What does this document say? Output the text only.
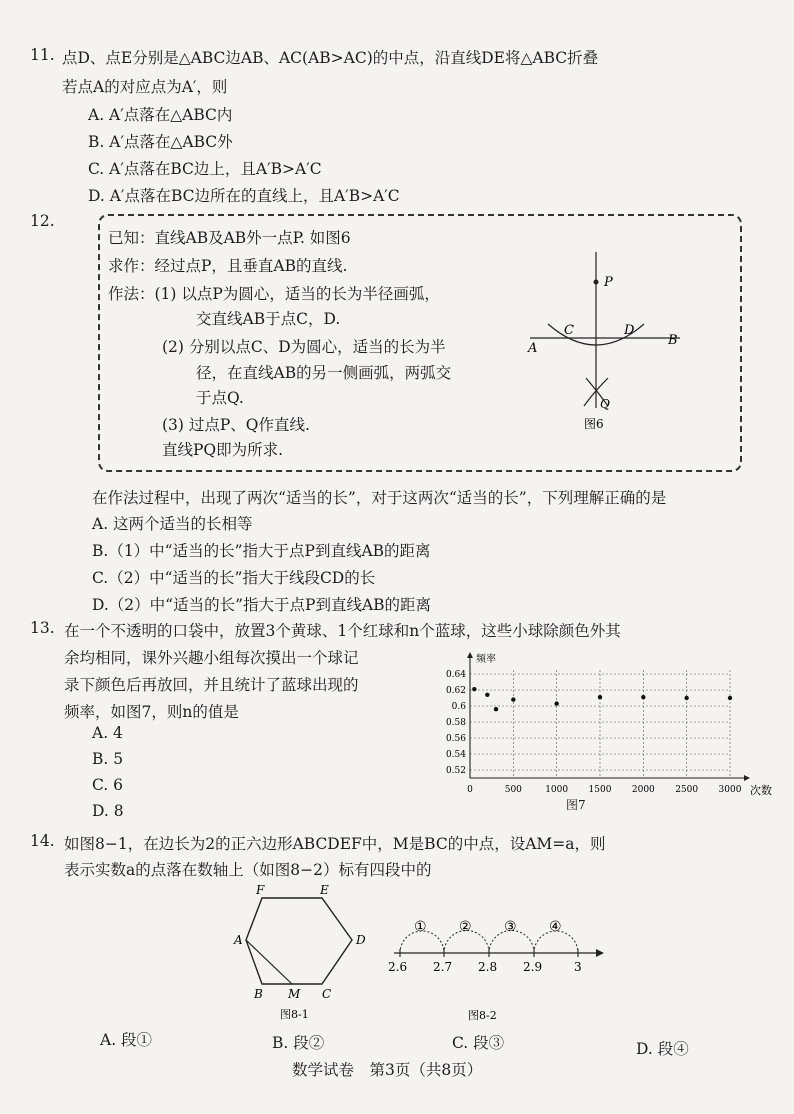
11. 点D、点E分别是△ABC边AB、AC(AB>AC)的中点，沿直线DE将△ABC折叠
若点A的对应点为A′，则
A. A′点落在△ABC内
B. A′点落在△ABC外
C. A′点落在BC边上，且A′B>A′C
D. A′点落在BC边所在的直线上，且A′B>A′C
12.
已知：直线AB及AB外一点P. 如图6
求作：经过点P，且垂直AB的直线.
作法：(1) 以点P为圆心，适当的长为半径画弧，
交直线AB于点C，D.
(2) 分别以点C、D为圆心，适当的长为半
径，在直线AB的另一侧画弧，两弧交
于点Q.
(3) 过点P、Q作直线.
直线PQ即为所求.
P
C	D
A
B
Q
图6
在作法过程中，出现了两次“适当的长”，对于这两次“适当的长”，下列理解正确的是
A. 这两个适当的长相等
B.（1）中“适当的长”指大于点P到直线AB的距离
C.（2）中“适当的长”指大于线段CD的长
D.（2）中“适当的长”指大于点P到直线AB的距离
13. 在一个不透明的口袋中，放置3个黄球、1个红球和n个蓝球，这些小球除颜色外其
余均相同，课外兴趣小组每次摸出一个球记
录下颜色后再放回，并且统计了蓝球出现的
频率，如图7，则n的值是
A. 4
B. 5
C. 6
D. 8
0.52
0.54
0.56
0.58
0.6
0.62
0.64
0	500	1000 1500 2000 2500 3000
频率
次数
图7
14. 如图8−1，在边长为2的正六边形ABCDEF中，M是BC的中点，设AM=a，则
表示实数a的点落在数轴上（如图8−2）标有四段中的
F	E
A	D
B M C
图8-1
① ② ③ ④
2.6 2.7 2.8 2.9	3
图8-2
A. 段①	B. 段②	C. 段③	D. 段④
数学试卷　第3页（共8页）
